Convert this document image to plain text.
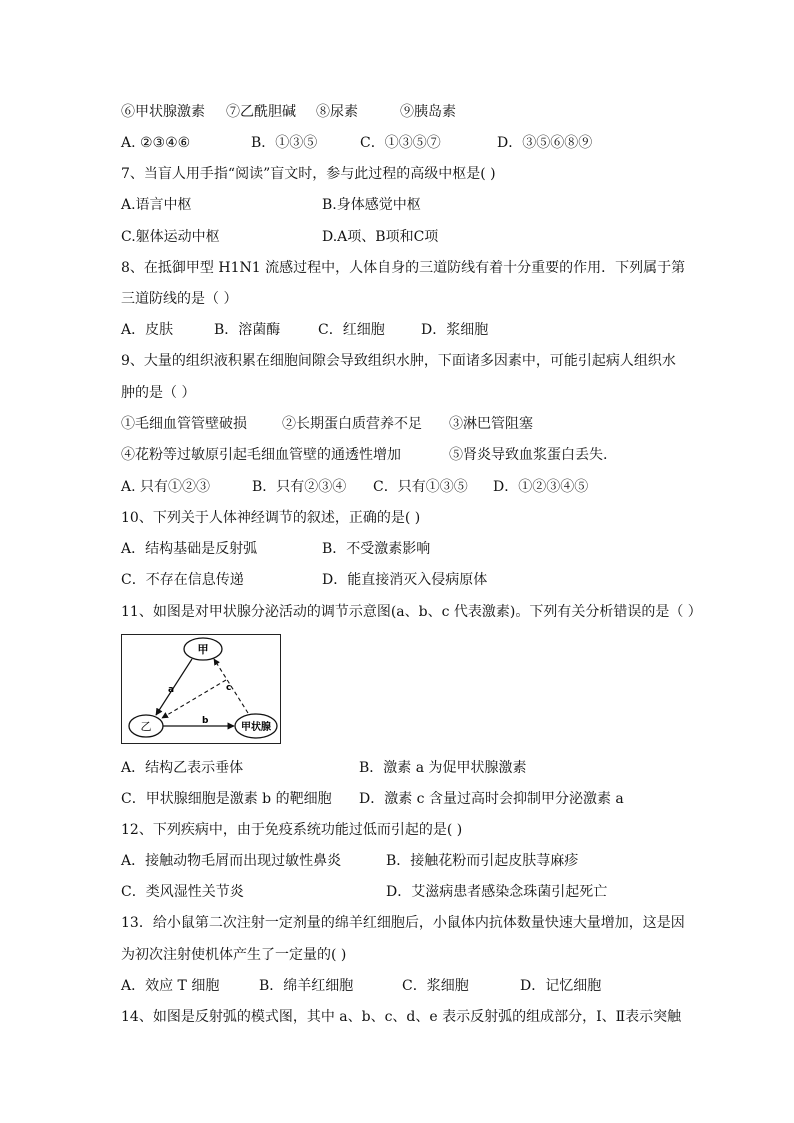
⑥甲状腺激素 ⑦乙酰胆碱 ⑧尿素	⑨胰岛素
A. ②③④⑥	B．①③⑤	C．①③⑤⑦	D．③⑤⑥⑧⑨
7、当盲人用手指“阅读”盲文时，参与此过程的高级中枢是( )
A.语言中枢	B.身体感觉中枢
C.躯体运动中枢	D.A项、B项和C项
8、在抵御甲型 H1N1 流感过程中，人体自身的三道防线有着十分重要的作用．下列属于第
三道防线的是（ ）
A．皮肤	B．溶菌酶	C．红细胞	D．浆细胞
9、大量的组织液积累在细胞间隙会导致组织水肿，下面诸多因素中，可能引起病人组织水
肿的是（ ）
①毛细血管管壁破损	②长期蛋白质营养不足 ③淋巴管阻塞
④花粉等过敏原引起毛细血管壁的通透性增加	⑤肾炎导致血浆蛋白丢失.
A. 只有①②③	B．只有②③④ C．只有①③⑤ D．①②③④⑤
10、下列关于人体神经调节的叙述，正确的是( )
A．结构基础是反射弧	B．不受激素影响
C．不存在信息传递	D．能直接消灭入侵病原体
11、如图是对甲状腺分泌活动的调节示意图(a、b、c 代表激素)。下列有关分析错误的是（ ）
甲
乙	甲状腺
a
b
c
A．结构乙表示垂体	B．激素 a 为促甲状腺激素
C．甲状腺细胞是激素 b 的靶细胞 D．激素 c 含量过高时会抑制甲分泌激素 a
12、下列疾病中，由于免疫系统功能过低而引起的是( )
A．接触动物毛屑而出现过敏性鼻炎	B．接触花粉而引起皮肤荨麻疹
C．类风湿性关节炎	D．艾滋病患者感染念珠菌引起死亡
13．给小鼠第二次注射一定剂量的绵羊红细胞后，小鼠体内抗体数量快速大量增加，这是因
为初次注射使机体产生了一定量的( )
A．效应 T 细胞	B．绵羊红细胞	C．浆细胞	D．记忆细胞
14、如图是反射弧的模式图，其中 a、b、c、d、e 表示反射弧的组成部分，Ⅰ、Ⅱ表示突触
